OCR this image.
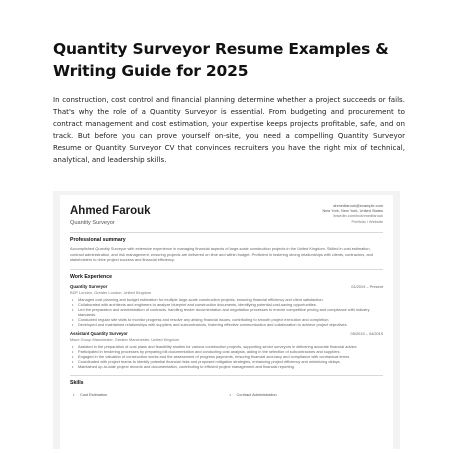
Quantity Surveyor Resume Examples & Writing Guide for 2025

In construction, cost control and financial planning determine whether a project succeeds or fails. That's why the role of a Quantity Surveyor is essential. From budgeting and procurement to contract management and cost estimation, your expertise keeps projects profitable, safe, and on track. But before you can prove yourself on-site, you need a compelling Quantity Surveyor Resume or Quantity Surveyor CV that convinces recruiters you have the right mix of technical, analytical, and leadership skills.

Ahmed Farouk
Quantity Surveyor
ahmedfarouk@example.com
New York, New York, United States
linkedin.com/in/ahmedfarouk
Portfolio / Website
Professional summary
Accomplished Quantity Surveyor with extensive experience in managing financial aspects of large-scale construction projects in the United Kingdom. Skilled in cost estimation, contract administration, and risk management, ensuring projects are delivered on time and within budget. Proficient in fostering strong relationships with clients, contractors, and stakeholders to drive project success and financial efficiency.
Work Experience
Quantity Surveyor	01/2019 – Present
BDP London, Greater London, United Kingdom
• Managed cost planning and budget estimation for multiple large-scale construction projects, ensuring financial efficiency and client satisfaction.
• Collaborated with architects and engineers to analyze blueprint and construction documents, identifying potential cost-saving opportunities.
• Led the preparation and administration of contracts, handling tender documentation and negotiation processes to ensure competitive pricing and compliance with industry standards.
• Conducted regular site visits to monitor progress and resolve any arising financial issues, contributing to smooth project execution and completion.
• Developed and maintained relationships with suppliers and subcontractors, fostering effective communication and collaboration to achieve project objectives.
Assistant Quantity Surveyor	05/2015 – 04/2019
Mace Group Manchester, Greater Manchester, United Kingdom
• Assisted in the preparation of cost plans and feasibility studies for various construction projects, supporting senior surveyors in delivering accurate financial advice.
• Participated in tendering processes by preparing bill documentation and conducting cost analysis, aiding in the selection of subcontractors and suppliers.
• Engaged in the valuation of construction works and the assessment of progress payments, ensuring financial accuracy and compliance with contractual terms.
• Coordinated with project teams to identify potential financial risks and proposed mitigation strategies, enhancing project efficiency and minimizing delays.
• Maintained up-to-date project records and documentation, contributing to efficient project management and financial reporting.
Skills
• Cost Estimation
•	Contract Administration
